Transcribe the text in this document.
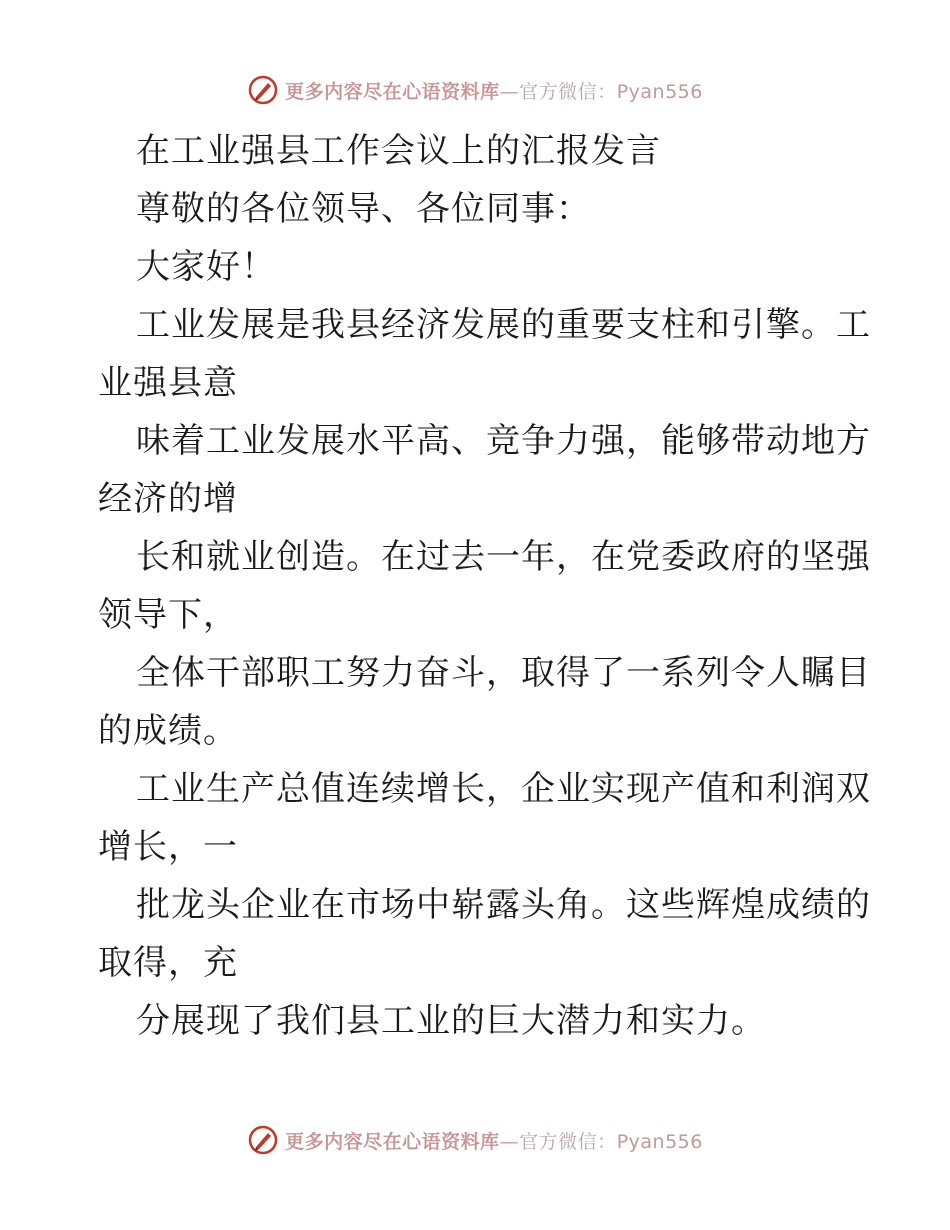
更多内容尽在心语资料库—官方微信：Pyan556
在工业强县工作会议上的汇报发言
尊敬的各位领导、各位同事：
大家好！
工业发展是我县经济发展的重要支柱和引擎。工
业强县意
味着工业发展水平高、竞争力强，能够带动地方
经济的增
长和就业创造。在过去一年，在党委政府的坚强
领导下，
全体干部职工努力奋斗，取得了一系列令人瞩目
的成绩。
工业生产总值连续增长，企业实现产值和利润双
增长，一
批龙头企业在市场中崭露头角。这些辉煌成绩的
取得，充
分展现了我们县工业的巨大潜力和实力。
更多内容尽在心语资料库—官方微信：Pyan556
